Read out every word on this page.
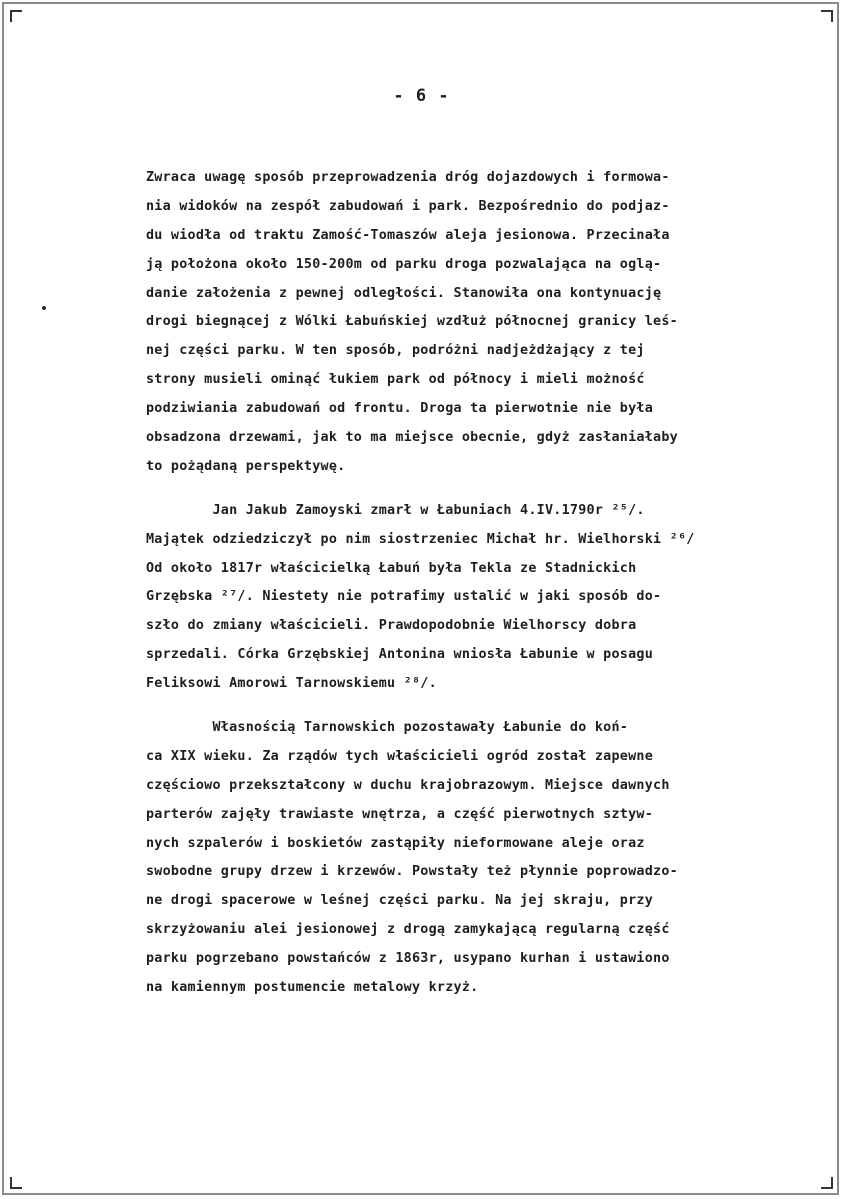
- 6 -
Zwraca uwagę sposób przeprowadzenia dróg dojazdowych i formowa-
nia widoków na zespół zabudowań i park. Bezpośrednio do podjaz-
du wiodła od traktu Zamość-Tomaszów aleja jesionowa. Przecinała
ją położona około 150-200m od parku droga pozwalająca na oglą-
danie założenia z pewnej odległości. Stanowiła ona kontynuację
drogi biegnącej z Wólki Łabuńskiej wzdłuż północnej granicy leś-
nej części parku. W ten sposób, podróżni nadjeżdżający z tej
strony musieli ominąć łukiem park od północy i mieli możność
podziwiania zabudowań od frontu. Droga ta pierwotnie nie była
obsadzona drzewami, jak to ma miejsce obecnie, gdyż zasłaniałaby
to pożądaną perspektywę.
Jan Jakub Zamoyski zmarł w Łabuniach 4.IV.1790r ²⁵/.
Majątek odziedziczył po nim siostrzeniec Michał hr. Wielhorski ²⁶/
Od około 1817r właścicielką Łabuń była Tekla ze Stadnickich
Grzębska ²⁷/. Niestety nie potrafimy ustalić w jaki sposób do-
szło do zmiany właścicieli. Prawdopodobnie Wielhorscy dobra
sprzedali. Córka Grzębskiej Antonina wniosła Łabunie w posagu
Feliksowi Amorowi Tarnowskiemu ²⁸/.
Własnością Tarnowskich pozostawały Łabunie do koń-
ca XIX wieku. Za rządów tych właścicieli ogród został zapewne
częściowo przekształcony w duchu krajobrazowym. Miejsce dawnych
parterów zajęły trawiaste wnętrza, a część pierwotnych sztyw-
nych szpalerów i boskietów zastąpiły nieformowane aleje oraz
swobodne grupy drzew i krzewów. Powstały też płynnie poprowadzo-
ne drogi spacerowe w leśnej części parku. Na jej skraju, przy
skrzyżowaniu alei jesionowej z drogą zamykającą regularną część
parku pogrzebano powstańców z 1863r, usypano kurhan i ustawiono
na kamiennym postumencie metalowy krzyż.
